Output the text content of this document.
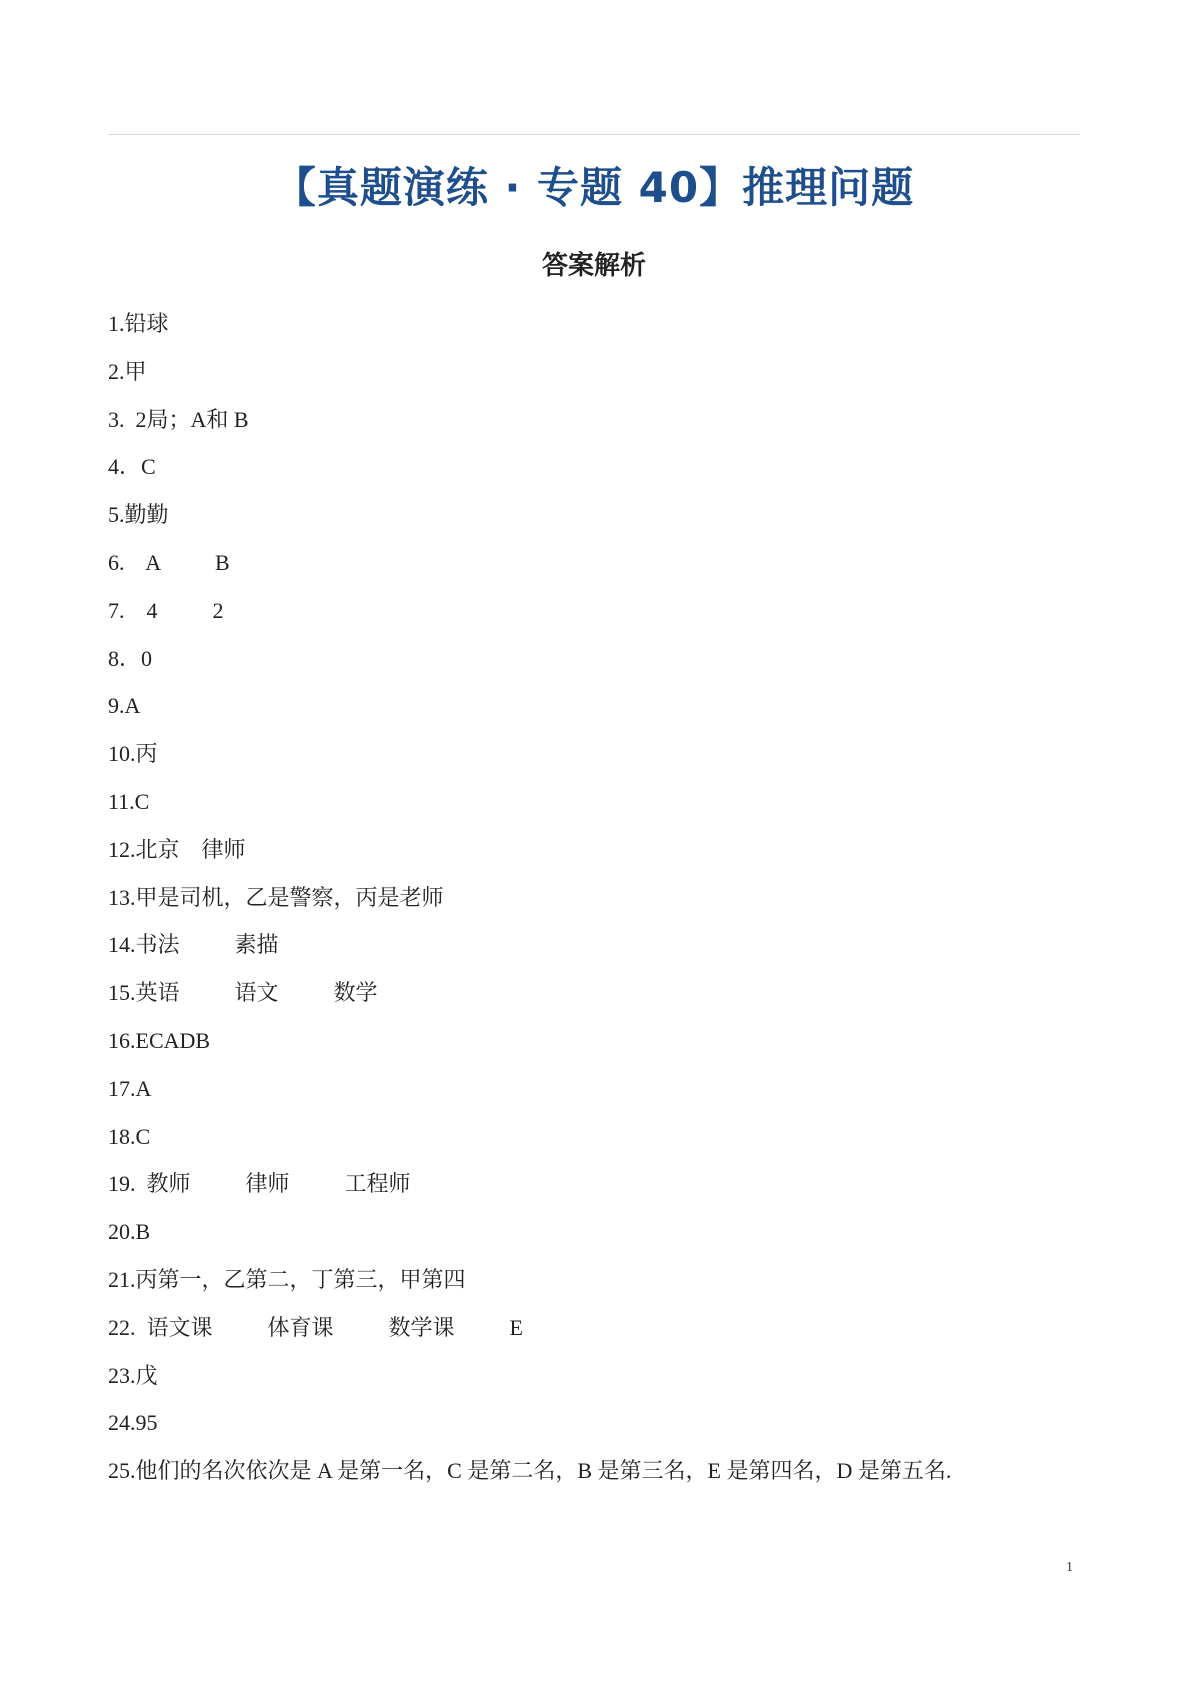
【真题演练 · 专题 40】推理问题
答案解析
1.铅球
2.甲
3.  2局；A和 B
4．C
5.勤勤
6.    A          B
7.    4          2
8．0
9.A
10.丙
11.C
12.北京    律师
13.甲是司机，乙是警察，丙是老师
14.书法          素描
15.英语          语文          数学
16.ECADB
17.A
18.C
19.  教师          律师          工程师
20.B
21.丙第一，乙第二，丁第三，甲第四
22.  语文课          体育课          数学课          E
23.戊
24.95
25.他们的名次依次是 A 是第一名，C 是第二名，B 是第三名，E 是第四名，D 是第五名.
1
